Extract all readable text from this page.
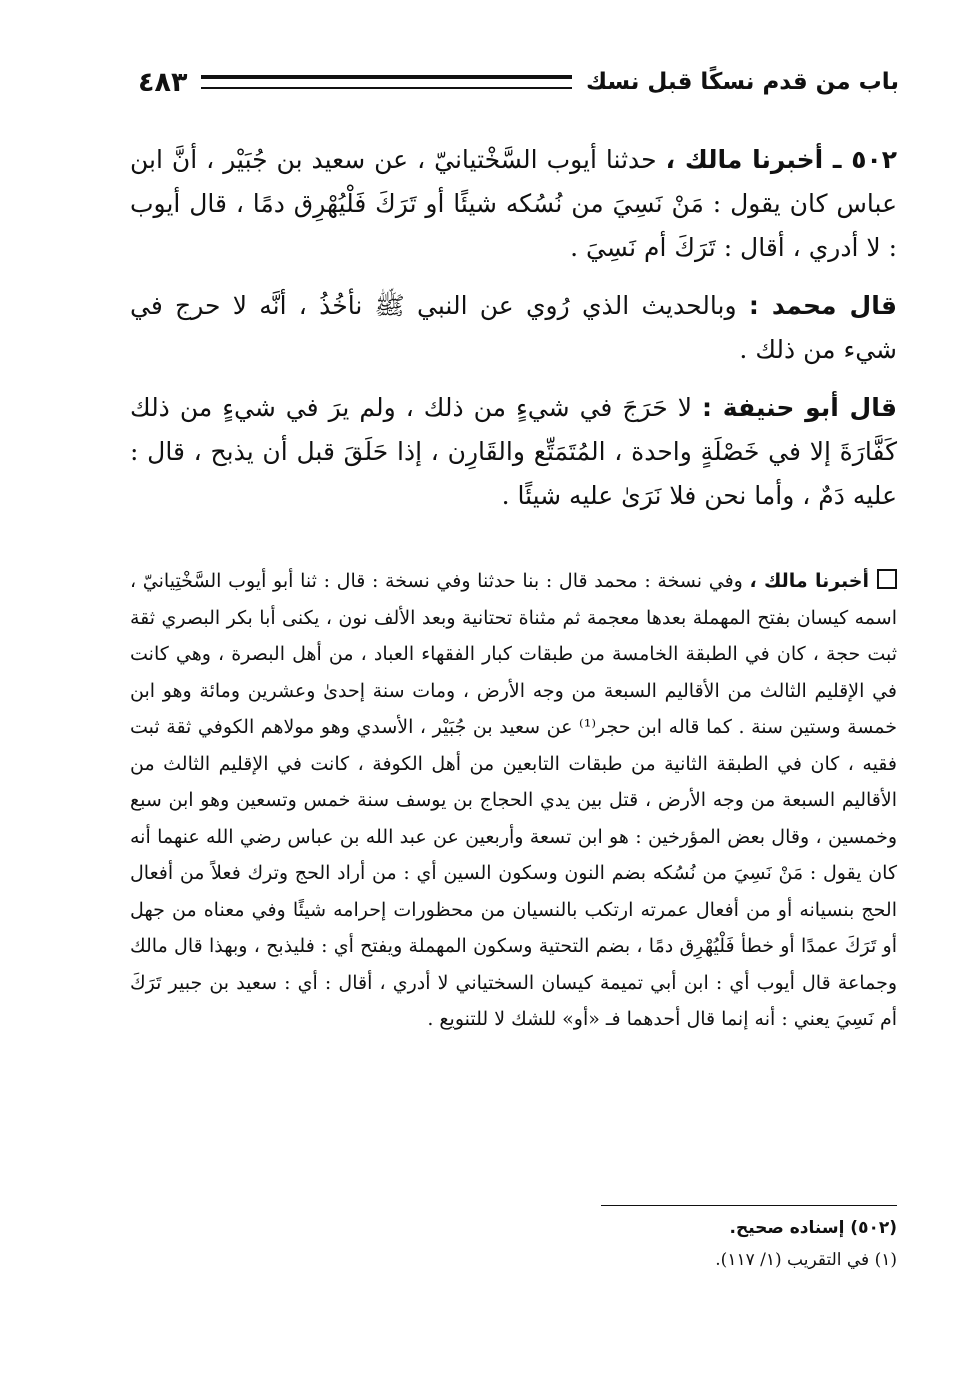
باب من قدم نسكًا قبل نسك
٤٨٣

٥٠٢ ـ أخبرنا مالك ، حدثنا أيوب السَّخْتيانيّ ، عن سعيد بن جُبَيْر ، أنَّ ابن عباس كان يقول : مَنْ نَسِيَ من نُسُكه شيئًا أو تَرَكَ فَلْيُهْرِق دمًا ، قال أيوب : لا أدري ، أقال : تَرَكَ أم نَسِيَ .

قال محمد : وبالحديث الذي رُوي عن النبي ﷺ نأخُذُ ، أنَّه لا حرج في شيء من ذلك .

قال أبو حنيفة : لا حَرَجَ في شيءٍ من ذلك ، ولم يرَ في شيءٍ من ذلك كَفَّارَةَ إلا في خَصْلَةٍ واحدة ، المُتَمَتِّع والقَارِن ، إذا حَلَقَ قبل أن يذبح ، قال : عليه دَمٌ ، وأما نحن فلا نَرَىٰ عليه شيئًا .

أخبرنا مالك ، وفي نسخة : محمد قال : بنا حدثنا وفي نسخة : قال : ثنا أبو أيوب السَّخْتِيانيّ ، اسمه كيسان بفتح المهملة بعدها معجمة ثم مثناة تحتانية وبعد الألف نون ، يكنى أبا بكر البصري ثقة ثبت حجة ، كان في الطبقة الخامسة من طبقات كبار الفقهاء العباد ، من أهل البصرة ، وهي كانت في الإقليم الثالث من الأقاليم السبعة من وجه الأرض ، ومات سنة إحدىٰ وعشرين ومائة وهو ابن خمسة وستين سنة . كما قاله ابن حجر⁽¹⁾ عن سعيد بن جُبَيْر ، الأسدي وهو مولاهم الكوفي ثقة ثبت فقيه ، كان في الطبقة الثانية من طبقات التابعين من أهل الكوفة ، كانت في الإقليم الثالث من الأقاليم السبعة من وجه الأرض ، قتل بين يدي الحجاج بن يوسف سنة خمس وتسعين وهو ابن سبع وخمسين ، وقال بعض المؤرخين : هو ابن تسعة وأربعين عن عبد الله بن عباس رضي الله عنهما أنه كان يقول : مَنْ نَسِيَ من نُسُكه بضم النون وسكون السين أي : من أراد الحج وترك فعلاً من أفعال الحج بنسيانه أو من أفعال عمرته ارتكب بالنسيان من محظورات إحرامه شيئًا وفي معناه من جهل أو تَرَكَ عمدًا أو خطأ فَلْيُهْرِق دمًا ، بضم التحتية وسكون المهملة ويفتح أي : فليذبح ، وبهذا قال مالك وجماعة قال أيوب أي : ابن أبي تميمة كيسان السختياني لا أدري ، أقال : أي : سعيد بن جبير تَرَكَ أم نَسِيَ يعني : أنه إنما قال أحدهما فـ «أو» للشك لا للتنويع .

(٥٠٢) إسناده صحيح.

(١) في التقريب (١/ ١١٧).
